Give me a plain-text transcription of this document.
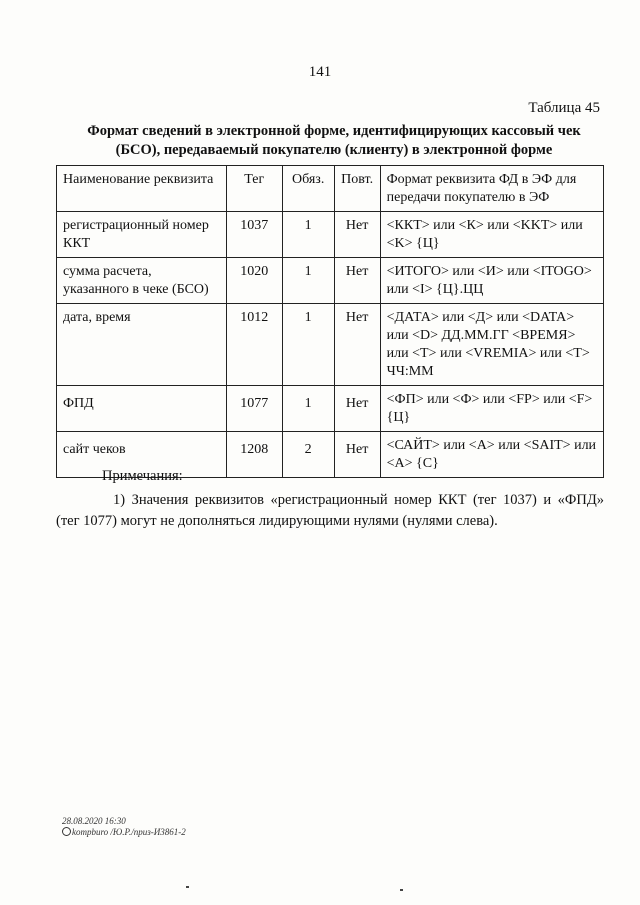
141
Таблица 45
Формат сведений в электронной форме, идентифицирующих кассовый чек (БСО), передаваемый покупателю (клиенту) в электронной форме
Наименование реквизита	Тег	Обяз.	Повт.	Формат реквизита ФД в ЭФ для передачи покупателю в ЭФ
регистрационный номер ККТ	1037	1	Нет	<ККТ> или <К> или <KKT> или <K> {Ц}
сумма расчета, указанного в чеке (БСО)	1020	1	Нет	<ИТОГО> или <И> или <ITOGO> или <I> {Ц}.ЦЦ
дата, время	1012	1	Нет	<ДАТА> или <Д> или <DATA> или <D> ДД.ММ.ГГ <ВРЕМЯ> или <Т> или <VREMIA> или <T> ЧЧ:ММ
ФПД	1077	1	Нет	<ФП> или <Ф> или <FP> или <F> {Ц}
сайт чеков	1208	2	Нет	<САЙТ> или <А> или <SAIT> или <A> {С}
Примечания:
1) Значения реквизитов «регистрационный номер ККТ (тег 1037) и «ФПД» (тег 1077) могут не дополняться лидирующими нулями (нулями слева).
28.08.2020 16:30
kompburo /Ю.Р./приз-И3861-2
